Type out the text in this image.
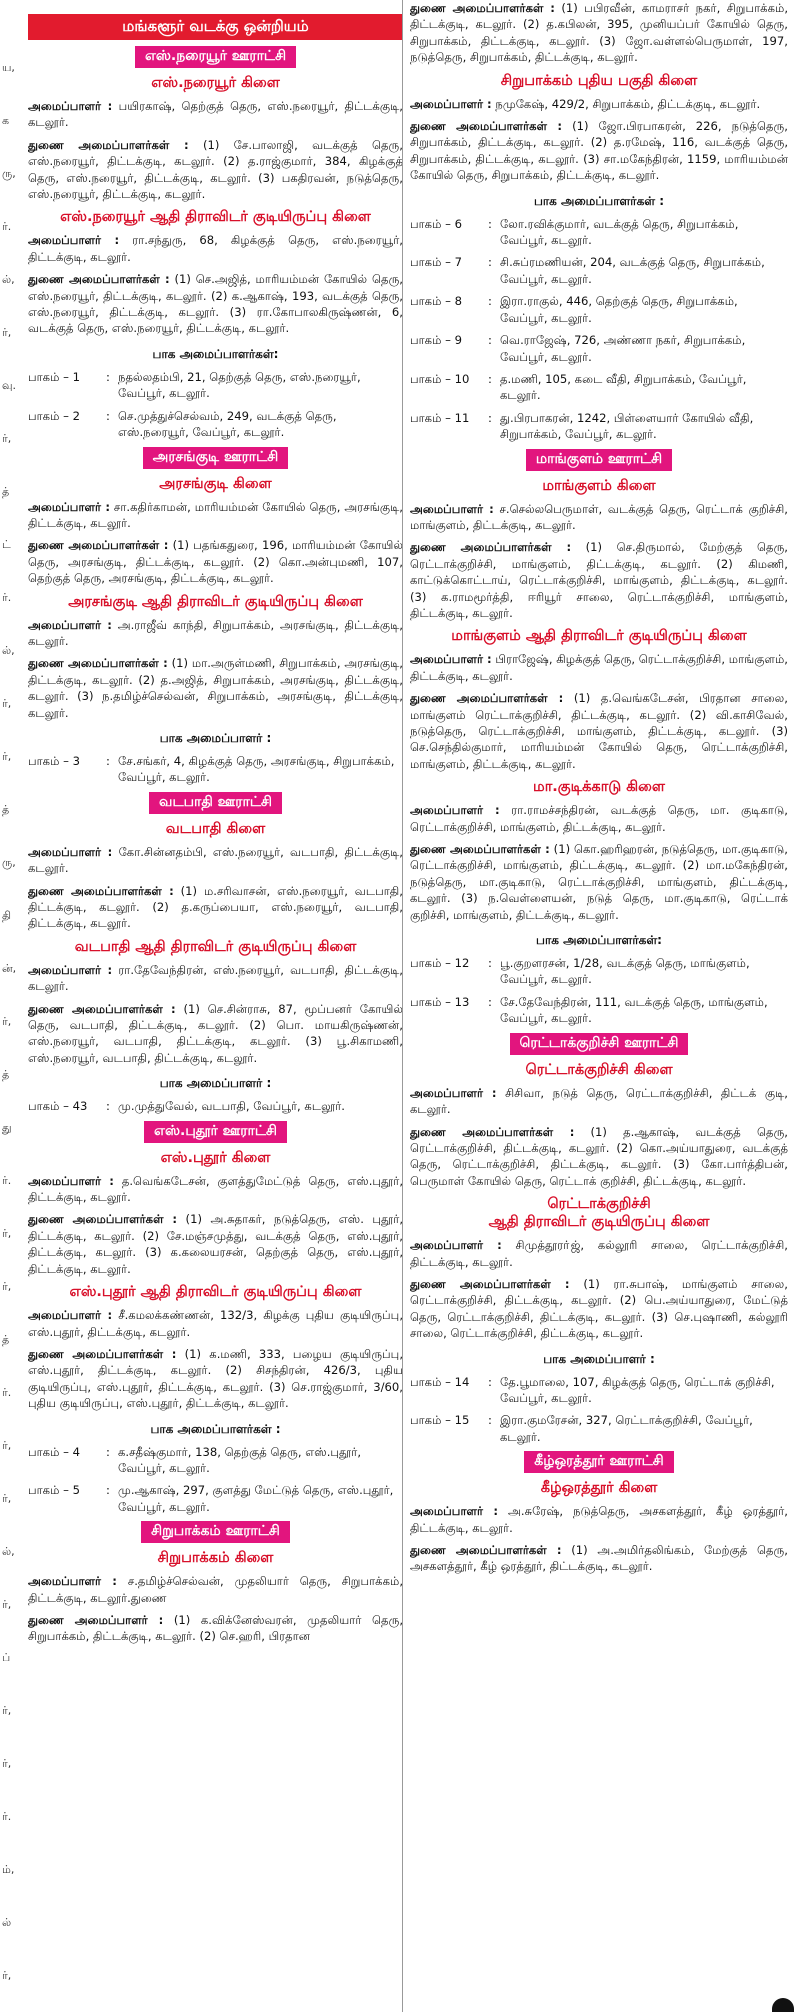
ய,
க
ரு,
ர்.
ல்,
ர்,
வு.
ர்,
த்
ட்
ர்.
ல்,
ர்,
ர்,
த்
ரு,
தி
ன்,
ர்,
த்
து
ர்.
ர்,
ர்,
த்
ர்.
ர்,
ர்,
ல்,
ர்,
ப்
ர்,
ர்,
ர்.
ம்,
ல்
ர்,
மங்களூர் வடக்கு ஒன்றியம்
எஸ்.நரையூர் ஊராட்சி
எஸ்.நரையூர் கிளை
அமைப்பாளர் : பயிரகாஷ், தெற்குத் தெரு, எஸ்.நரையூர், திட்டக்குடி, கடலூர்.
துணை அமைப்பாளர்கள் : (1) சே.பாலாஜி, வடக்குத் தெரு, எஸ்.நரையூர், திட்டக்குடி, கடலூர். (2) த.ராஜ்குமார், 384, கிழக்குத் தெரு, எஸ்.நரையூர், திட்டக்குடி, கடலூர். (3) பகதிரவன், நடுத்தெரு, எஸ்.நரையூர், திட்டக்குடி, கடலூர்.
எஸ்.நரையூர் ஆதி திராவிடர் குடியிருப்பு கிளை
அமைப்பாளர் : ரா.சந்துரு, 68, கிழக்குத் தெரு, எஸ்.நரையூர், திட்டக்குடி, கடலூர்.
துணை அமைப்பாளர்கள் : (1) செ.அஜித், மாரியம்மன் கோயில் தெரு, எஸ்.நரையூர், திட்டக்குடி, கடலூர். (2) க.ஆகாஷ், 193, வடக்குத் தெரு, எஸ்.நரையூர், திட்டக்குடி, கடலூர். (3) ரா.கோபாலகிருஷ்ணன், 6, வடக்குத் தெரு, எஸ்.நரையூர், திட்டக்குடி, கடலூர்.
பாக அமைப்பாளர்கள்:
பாகம் – 1	: நதல்லதம்பி, 21, தெற்குத் தெரு, எஸ்.நரையூர், வேப்பூர், கடலூர்.
பாகம் – 2	: செ.முத்துச்செல்வம், 249, வடக்குத் தெரு, எஸ்.நரையூர், வேப்பூர், கடலூர்.
அரசங்குடி ஊராட்சி
அரசங்குடி கிளை
அமைப்பாளர் : சா.கதிர்காமன், மாரியம்மன் கோயில் தெரு, அரசங்குடி, திட்டக்குடி, கடலூர்.
துணை அமைப்பாளர்கள் : (1) பதங்கதுரை, 196, மாரியம்மன் கோயில் தெரு, அரசங்குடி, திட்டக்குடி, கடலூர். (2) கொ.அன்புமணி, 107, தெற்குத் தெரு, அரசங்குடி, திட்டக்குடி, கடலூர்.
அரசங்குடி ஆதி திராவிடர் குடியிருப்பு கிளை
அமைப்பாளர் : அ.ராஜீவ் காந்தி, சிறுபாக்கம், அரசங்குடி, திட்டக்குடி, கடலூர்.
துணை அமைப்பாளர்கள் : (1) மா.அருள்மணி, சிறுபாக்கம், அரசங்குடி, திட்டக்குடி, கடலூர். (2) த.அஜித், சிறுபாக்கம், அரசங்குடி, திட்டக்குடி, கடலூர். (3) ந.தமிழ்ச்செல்வன், சிறுபாக்கம், அரசங்குடி, திட்டக்குடி, கடலூர்.
பாக அமைப்பாளர் :
பாகம் – 3	: சே.சங்கர், 4, கிழக்குத் தெரு, அரசங்குடி, சிறுபாக்கம், வேப்பூர், கடலூர்.
வடபாதி ஊராட்சி
வடபாதி கிளை
அமைப்பாளர் : கோ.சின்னதம்பி, எஸ்.நரையூர், வடபாதி, திட்டக்குடி, கடலூர்.
துணை அமைப்பாளர்கள் : (1) ம.சரிவாசன், எஸ்.நரையூர், வடபாதி, திட்டக்குடி, கடலூர். (2) த.கருப்பையா, எஸ்.நரையூர், வடபாதி, திட்டக்குடி, கடலூர்.
வடபாதி ஆதி திராவிடர் குடியிருப்பு கிளை
அமைப்பாளர் : ரா.தேவேந்திரன், எஸ்.நரையூர், வடபாதி, திட்டக்குடி, கடலூர்.
துணை அமைப்பாளர்கள் : (1) செ.சின்ராசு, 87, மூப்பனர் கோயில் தெரு, வடபாதி, திட்டக்குடி, கடலூர். (2) பொ. மாயகிருஷ்ணன், எஸ்.நரையூர், வடபாதி, திட்டக்குடி, கடலூர். (3) பூ.சிகாமணி, எஸ்.நரையூர், வடபாதி, திட்டக்குடி, கடலூர்.
பாக அமைப்பாளர் :
பாகம் – 43	: மு.முத்துவேல், வடபாதி, வேப்பூர், கடலூர்.
எஸ்.புதூர் ஊராட்சி
எஸ்.புதூர் கிளை
அமைப்பாளர் : த.வெங்கடேசன், குளத்துமேட்டுத் தெரு, எஸ்.புதூர், திட்டக்குடி, கடலூர்.
துணை அமைப்பாளர்கள் : (1) அ.சுதாகர், நடுத்தெரு, எஸ். புதூர், திட்டக்குடி, கடலூர். (2) சே.மஞ்சமுத்து, வடக்குத் தெரு, எஸ்.புதூர், திட்டக்குடி, கடலூர். (3) க.கலையரசன், தெற்குத் தெரு, எஸ்.புதூர், திட்டக்குடி, கடலூர்.
எஸ்.புதூர் ஆதி திராவிடர் குடியிருப்பு கிளை
அமைப்பாளர் : சீ.கமலக்கண்ணன், 132/3, கிழக்கு புதிய குடியிருப்பு, எஸ்.புதூர், திட்டக்குடி, கடலூர்.
துணை அமைப்பாளர்கள் : (1) க.மணி, 333, பழைய குடியிருப்பு, எஸ்.புதூர், திட்டக்குடி, கடலூர். (2) சிசந்திரன், 426/3, புதிய குடியிருப்பு, எஸ்.புதூர், திட்டக்குடி, கடலூர். (3) செ.ராஜ்குமார், 3/60, புதிய குடியிருப்பு, எஸ்.புதூர், திட்டக்குடி, கடலூர்.
பாக அமைப்பாளர்கள் :
பாகம் – 4	: க.சதீஷ்குமார், 138, தெற்குத் தெரு, எஸ்.புதூர், வேப்பூர், கடலூர்.
பாகம் – 5	: மு.ஆகாஷ், 297, குளத்து மேட்டுத் தெரு, எஸ்.புதூர், வேப்பூர், கடலூர்.
சிறுபாக்கம் ஊராட்சி
சிறுபாக்கம் கிளை
அமைப்பாளர் : ச.தமிழ்ச்செல்வன், முதலியார் தெரு, சிறுபாக்கம், திட்டக்குடி, கடலூர்.துணை
துணை அமைப்பாளர் : (1) க.விக்னேஸ்வரன், முதலியார் தெரு, சிறுபாக்கம், திட்டக்குடி, கடலூர். (2) செ.ஹரி, பிரதான
துணை அமைப்பாளர்கள் : (1) பபிரவீன், காமராசர் நகர், சிறுபாக்கம், திட்டக்குடி, கடலூர். (2) த.கபிலன், 395, முனியப்பர் கோயில் தெரு, சிறுபாக்கம், திட்டக்குடி, கடலூர். (3) ஜோ.வள்ளல்பெருமாள், 197, நடுத்தெரு, சிறுபாக்கம், திட்டக்குடி, கடலூர்.
சிறுபாக்கம் புதிய பகுதி கிளை
அமைப்பாளர் : நமுகேஷ், 429/2, சிறுபாக்கம், திட்டக்குடி, கடலூர்.
துணை அமைப்பாளர்கள் : (1) ஜோ.பிரபாகரன், 226, நடுத்தெரு, சிறுபாக்கம், திட்டக்குடி, கடலூர். (2) த.ரமேஷ், 116, வடக்குத் தெரு, சிறுபாக்கம், திட்டக்குடி, கடலூர். (3) சா.மகேந்திரன், 1159, மாரியம்மன் கோயில் தெரு, சிறுபாக்கம், திட்டக்குடி, கடலூர்.
பாக அமைப்பாளர்கள் :
பாகம் – 6	: லோ.ரவிக்குமார், வடக்குத் தெரு, சிறுபாக்கம், வேப்பூர், கடலூர்.
பாகம் – 7	: சி.சுப்ரமணியன், 204, வடக்குத் தெரு, சிறுபாக்கம், வேப்பூர், கடலூர்.
பாகம் – 8	: இரா.ராகுல், 446, தெற்குத் தெரு, சிறுபாக்கம், வேப்பூர், கடலூர்.
பாகம் – 9	: வெ.ராஜேஷ், 726, அண்ணா நகர், சிறுபாக்கம், வேப்பூர், கடலூர்.
பாகம் – 10	: த.மணி, 105, கடை வீதி, சிறுபாக்கம், வேப்பூர், கடலூர்.
பாகம் – 11	: து.பிரபாகரன், 1242, பிள்ளையார் கோயில் வீதி, சிறுபாக்கம், வேப்பூர், கடலூர்.
மாங்குளம் ஊராட்சி
மாங்குளம் கிளை
அமைப்பாளர் : ச.செல்லபெருமாள், வடக்குத் தெரு, ரெட்டாக் குறிச்சி, மாங்குளம், திட்டக்குடி, கடலூர்.
துணை அமைப்பாளர்கள் : (1) செ.திருமால், மேற்குத் தெரு, ரெட்டாக்குறிச்சி, மாங்குளம், திட்டக்குடி, கடலூர். (2) கிமணி, காட்டுக்கொட்டாய், ரெட்டாக்குறிச்சி, மாங்குளம், திட்டக்குடி, கடலூர். (3) க.ராமமூர்த்தி, ஈரியூர் சாலை, ரெட்டாக்குறிச்சி, மாங்குளம், திட்டக்குடி, கடலூர்.
மாங்குளம் ஆதி திராவிடர் குடியிருப்பு கிளை
அமைப்பாளர் : பிராஜேஷ், கிழக்குத் தெரு, ரெட்டாக்குறிச்சி, மாங்குளம், திட்டக்குடி, கடலூர்.
துணை அமைப்பாளர்கள் : (1) த.வெங்கடேசன், பிரதான சாலை, மாங்குளம் ரெட்டாக்குறிச்சி, திட்டக்குடி, கடலூர். (2) வி.காசிவேல், நடுத்தெரு, ரெட்டாக்குறிச்சி, மாங்குளம், திட்டக்குடி, கடலூர். (3) செ.செந்தில்குமார், மாரியம்மன் கோயில் தெரு, ரெட்டாக்குறிச்சி, மாங்குளம், திட்டக்குடி, கடலூர்.
மா.குடிக்காடு கிளை
அமைப்பாளர் : ரா.ராமச்சந்திரன், வடக்குத் தெரு, மா. குடிகாடு, ரெட்டாக்குறிச்சி, மாங்குளம், திட்டக்குடி, கடலூர்.
துணை அமைப்பாளர்கள் : (1) கொ.ஹரிஹரன், நடுத்தெரு, மா.குடிகாடு, ரெட்டாக்குறிச்சி, மாங்குளம், திட்டக்குடி, கடலூர். (2) மா.மகேந்திரன், நடுத்தெரு, மா.குடிகாடு, ரெட்டாக்குறிச்சி, மாங்குளம், திட்டக்குடி, கடலூர். (3) ந.வெள்ளையன், நடுத் தெரு, மா.குடிகாடு, ரெட்டாக் குறிச்சி, மாங்குளம், திட்டக்குடி, கடலூர்.
பாக அமைப்பாளர்கள்:
பாகம் – 12	: பூ.குறளரசன், 1/28, வடக்குத் தெரு, மாங்குளம், வேப்பூர், கடலூர்.
பாகம் – 13	: சே.தேவேந்திரன், 111, வடக்குத் தெரு, மாங்குளம், வேப்பூர், கடலூர்.
ரெட்டாக்குறிச்சி ஊராட்சி
ரெட்டாக்குறிச்சி கிளை
அமைப்பாளர் : சிசிவா, நடுத் தெரு, ரெட்டாக்குறிச்சி, திட்டக் குடி, கடலூர்.
துணை அமைப்பாளர்கள் : (1) த.ஆகாஷ், வடக்குத் தெரு, ரெட்டாக்குறிச்சி, திட்டக்குடி, கடலூர். (2) கொ.அய்யாதுரை, வடக்குத் தெரு, ரெட்டாக்குறிச்சி, திட்டக்குடி, கடலூர். (3) கோ.பார்த்திபன், பெருமாள் கோயில் தெரு, ரெட்டாக் குறிச்சி, திட்டக்குடி, கடலூர்.
ரெட்டாக்குறிச்சி
ஆதி திராவிடர் குடியிருப்பு கிளை
அமைப்பாளர் : சிமுத்தூரா்ஜ், கல்லூரி சாலை, ரெட்டாக்குறிச்சி, திட்டக்குடி, கடலூர்.
துணை அமைப்பாளர்கள் : (1) ரா.சுபாஷ், மாங்குளம் சாலை, ரெட்டாக்குறிச்சி, திட்டக்குடி, கடலூர். (2) பெ.அய்யாதுரை, மேட்டுத் தெரு, ரெட்டாக்குறிச்சி, திட்டக்குடி, கடலூர். (3) செ.புஷாணி, கல்லூரி சாலை, ரெட்டாக்குறிச்சி, திட்டக்குடி, கடலூர்.
பாக அமைப்பாளர் :
பாகம் – 14	: தே.பூமாலை, 107, கிழக்குத் தெரு, ரெட்டாக் குறிச்சி, வேப்பூர், கடலூர்.
பாகம் – 15	: இரா.குமரேசன், 327, ரெட்டாக்குறிச்சி, வேப்பூர், கடலூர்.
கீழ்ஒரத்தூர் ஊராட்சி
கீழ்ஒரத்தூர் கிளை
அமைப்பாளர் : அ.சுரேஷ், நடுத்தெரு, அசகளத்தூர், கீழ் ஒரத்தூர், திட்டக்குடி, கடலூர்.
துணை அமைப்பாளர்கள் : (1) அ.அமிர்தலிங்கம், மேற்குத் தெரு, அசகளத்தூர், கீழ் ஒரத்தூர், திட்டக்குடி, கடலூர்.
